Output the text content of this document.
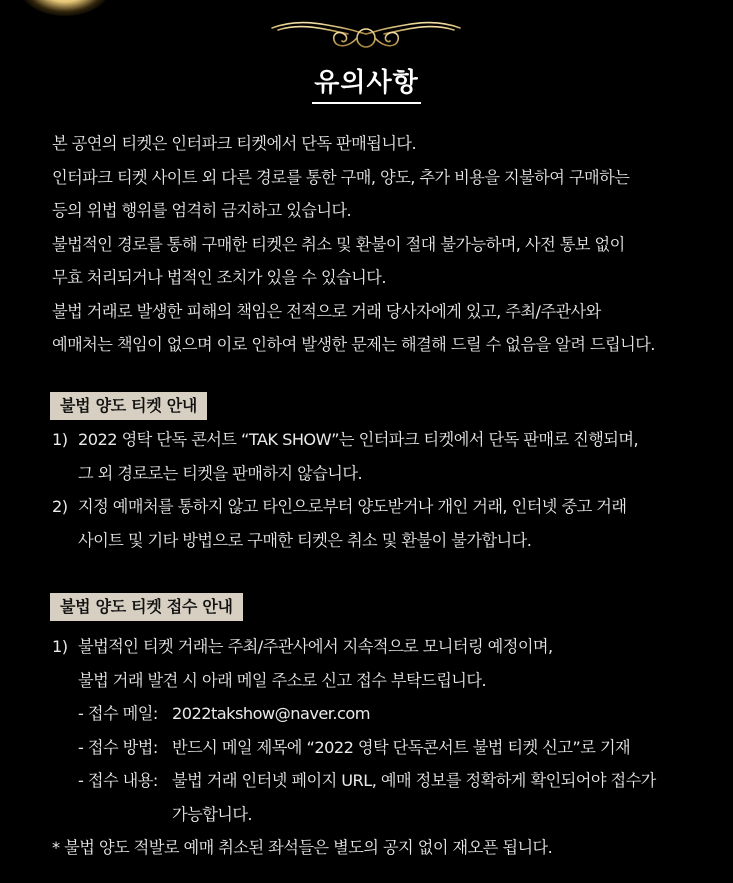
유의사항

본 공연의 티켓은 인터파크 티켓에서 단독 판매됩니다.

인터파크 티켓 사이트 외 다른 경로를 통한 구매, 양도, 추가 비용을 지불하여 구매하는

등의 위법 행위를 엄격히 금지하고 있습니다.

불법적인 경로를 통해 구매한 티켓은 취소 및 환불이 절대 불가능하며, 사전 통보 없이

무효 처리되거나 법적인 조치가 있을 수 있습니다.

불법 거래로 발생한 피해의 책임은 전적으로 거래 당사자에게 있고, 주최/주관사와

예매처는 책임이 없으며 이로 인하여 발생한 문제는 해결해 드릴 수 없음을 알려 드립니다.

불법 양도 티켓 안내
1) 2022 영탁 단독 콘서트 “TAK SHOW”는 인터파크 티켓에서 단독 판매로 진행되며,
그 외 경로로는 티켓을 판매하지 않습니다.
2) 지정 예매처를 통하지 않고 타인으로부터 양도받거나 개인 거래, 인터넷 중고 거래
사이트 및 기타 방법으로 구매한 티켓은 취소 및 환불이 불가합니다.
불법 양도 티켓 접수 안내
1) 불법적인 티켓 거래는 주최/주관사에서 지속적으로 모니터링 예정이며,
불법 거래 발견 시 아래 메일 주소로 신고 접수 부탁드립니다.
- 접수 메일: 2022takshow@naver.com
- 접수 방법: 반드시 메일 제목에 “2022 영탁 단독콘서트 불법 티켓 신고”로 기재
- 접수 내용: 불법 거래 인터넷 페이지 URL, 예매 정보를 정확하게 확인되어야 접수가
가능합니다.
* 불법 양도 적발로 예매 취소된 좌석들은 별도의 공지 없이 재오픈 됩니다.
